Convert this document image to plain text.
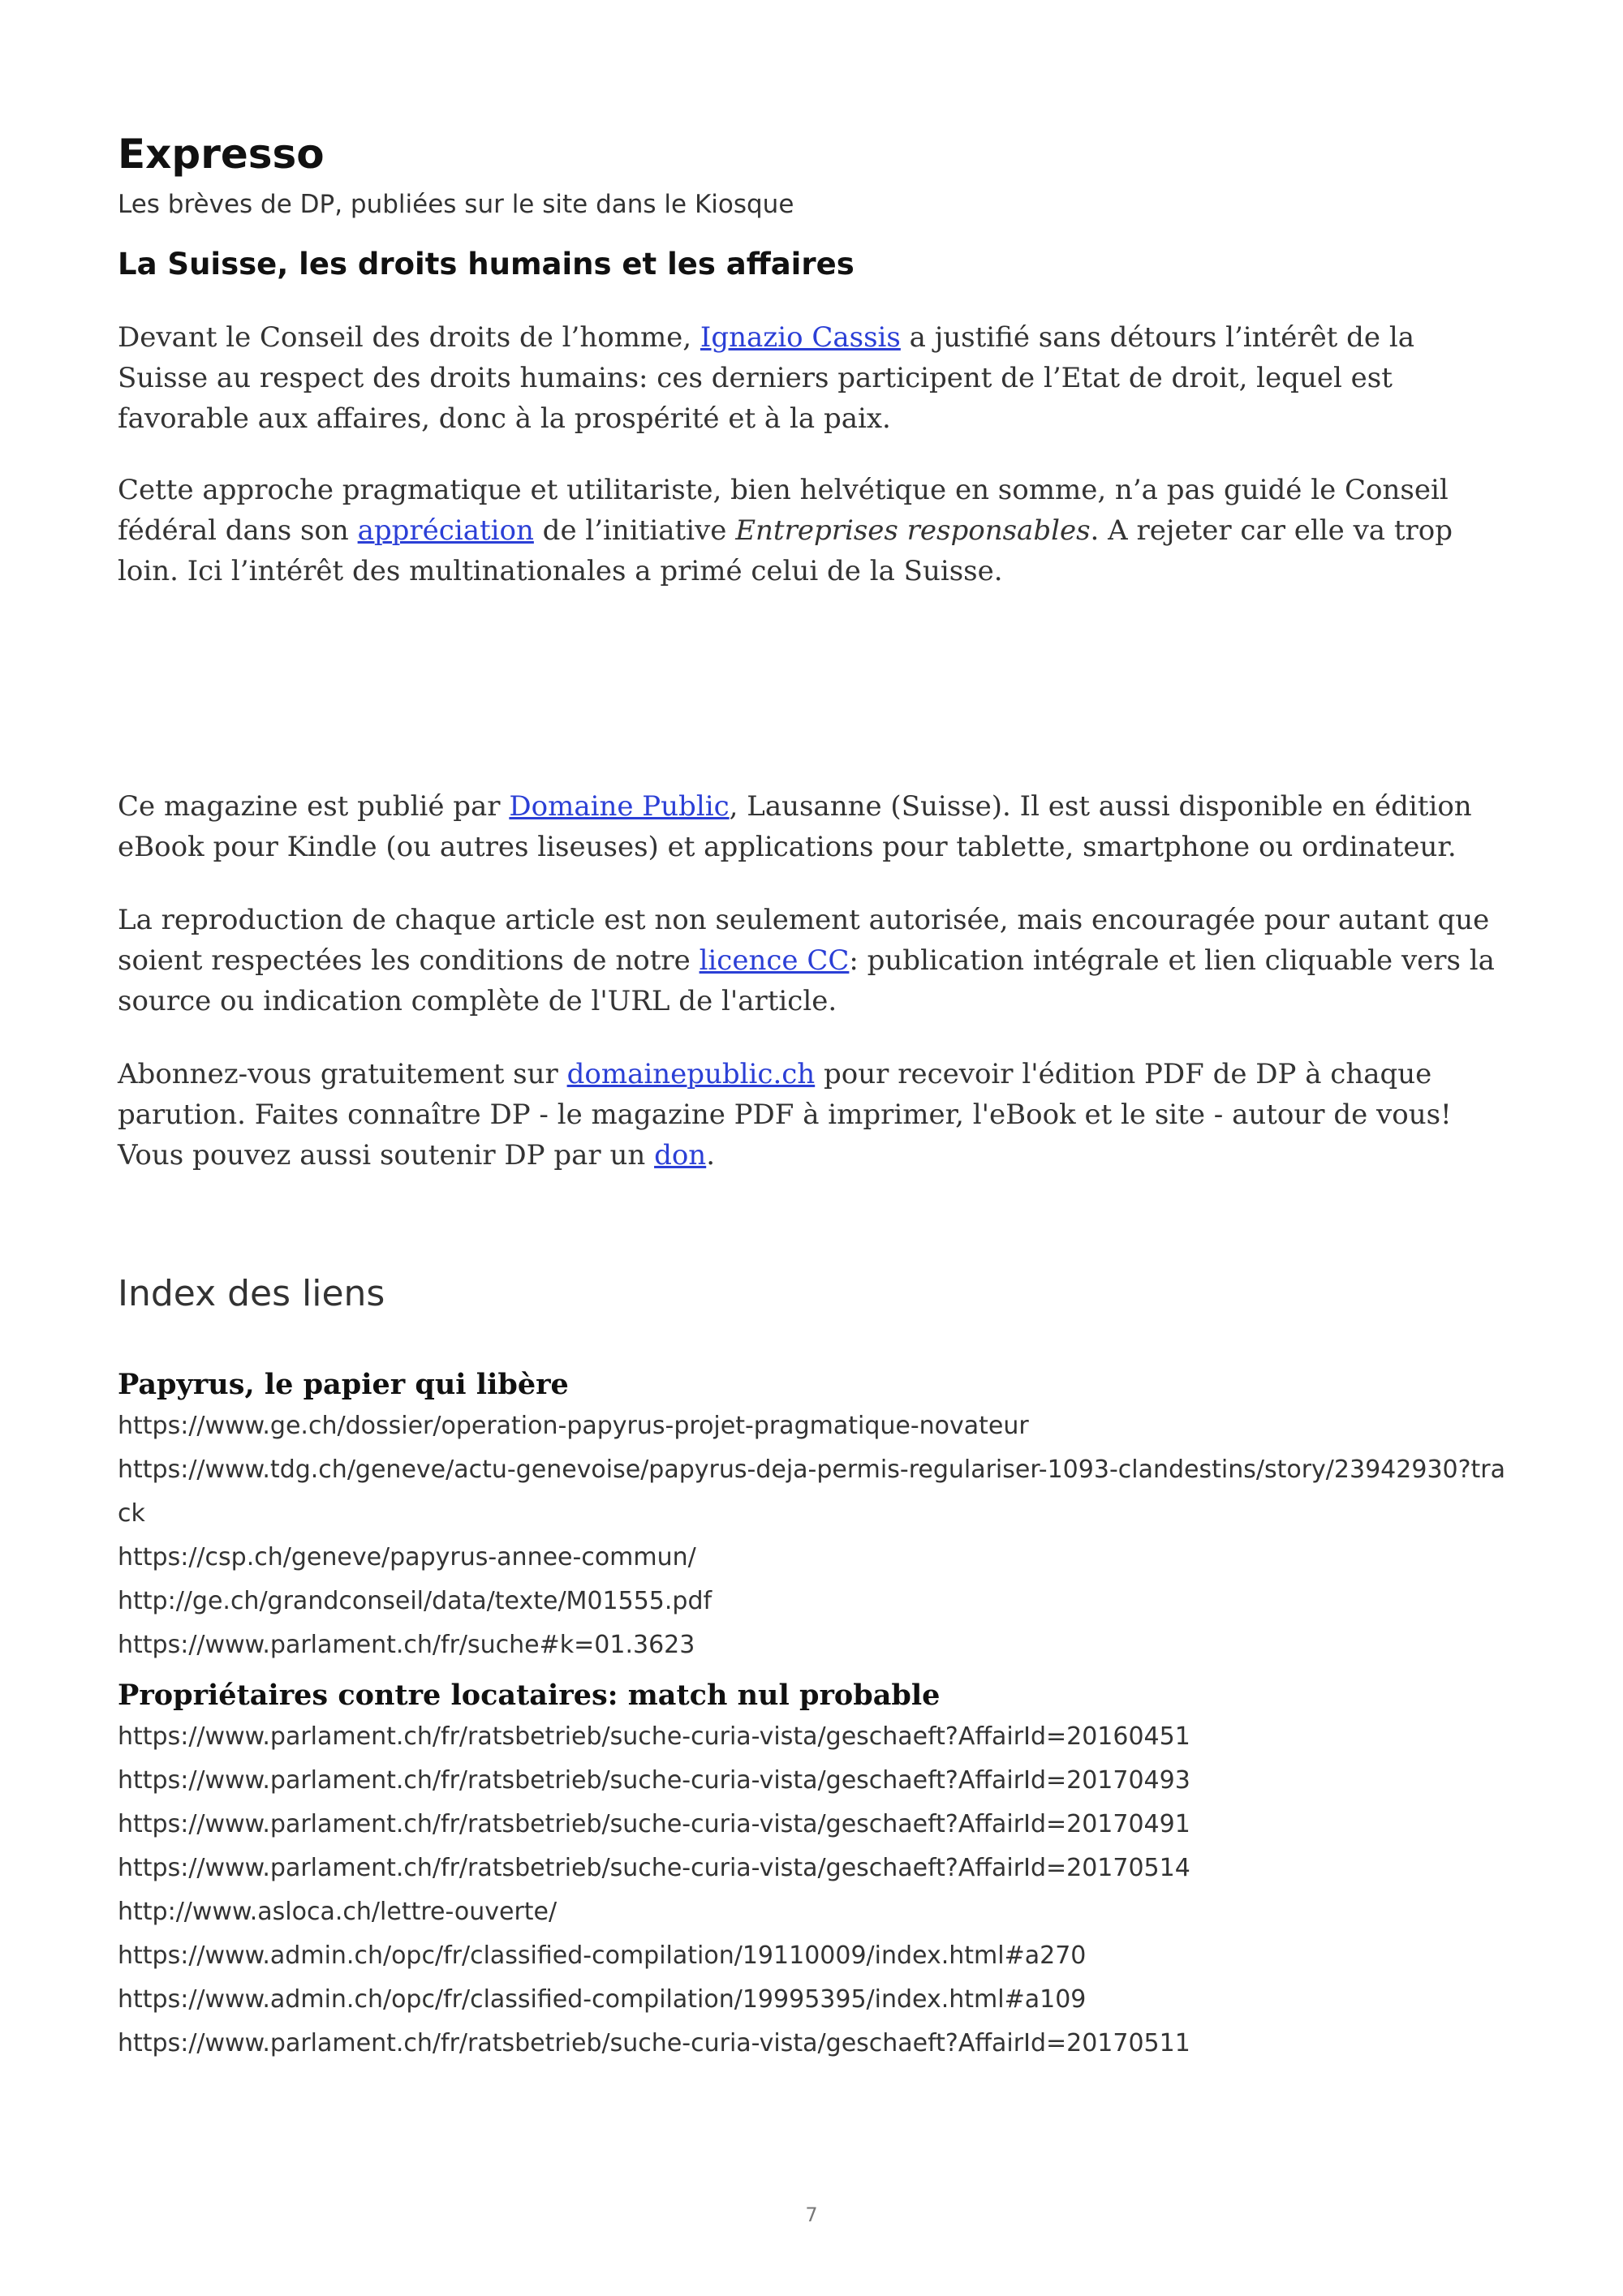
Expresso
Les brèves de DP, publiées sur le site dans le Kiosque
La Suisse, les droits humains et les affaires

Devant le Conseil des droits de l’homme, Ignazio Cassis a justifié sans détours l’intérêt de la Suisse au respect des droits humains: ces derniers participent de l’Etat de droit, lequel est favorable aux affaires, donc à la prospérité et à la paix.

Cette approche pragmatique et utilitariste, bien helvétique en somme, n’a pas guidé le Conseil fédéral dans son appréciation de l’initiative Entreprises responsables. A rejeter car elle va trop loin. Ici l’intérêt des multinationales a primé celui de la Suisse.

Ce magazine est publié par Domaine Public, Lausanne (Suisse). Il est aussi disponible en édition eBook pour Kindle (ou autres liseuses) et applications pour tablette, smartphone ou ordinateur.

La reproduction de chaque article est non seulement autorisée, mais encouragée pour autant que soient respectées les conditions de notre licence CC: publication intégrale et lien cliquable vers la source ou indication complète de l'URL de l'article.

Abonnez-vous gratuitement sur domainepublic.ch pour recevoir l'édition PDF de DP à chaque parution. Faites connaître DP - le magazine PDF à imprimer, l'eBook et le site - autour de vous! Vous pouvez aussi soutenir DP par un don.

Index des liens
Papyrus, le papier qui libère
https://www.ge.ch/dossier/operation-papyrus-projet-pragmatique-novateur
https://www.tdg.ch/geneve/actu-genevoise/papyrus-deja-permis-regulariser-1093-clandestins/story/23942930?track
https://csp.ch/geneve/papyrus-annee-commun/
http://ge.ch/grandconseil/data/texte/M01555.pdf
https://www.parlament.ch/fr/suche#k=01.3623
Propriétaires contre locataires: match nul probable
https://www.parlament.ch/fr/ratsbetrieb/suche-curia-vista/geschaeft?AffairId=20160451
https://www.parlament.ch/fr/ratsbetrieb/suche-curia-vista/geschaeft?AffairId=20170493
https://www.parlament.ch/fr/ratsbetrieb/suche-curia-vista/geschaeft?AffairId=20170491
https://www.parlament.ch/fr/ratsbetrieb/suche-curia-vista/geschaeft?AffairId=20170514
http://www.asloca.ch/lettre-ouverte/
https://www.admin.ch/opc/fr/classified-compilation/19110009/index.html#a270
https://www.admin.ch/opc/fr/classified-compilation/19995395/index.html#a109
https://www.parlament.ch/fr/ratsbetrieb/suche-curia-vista/geschaeft?AffairId=20170511
7
